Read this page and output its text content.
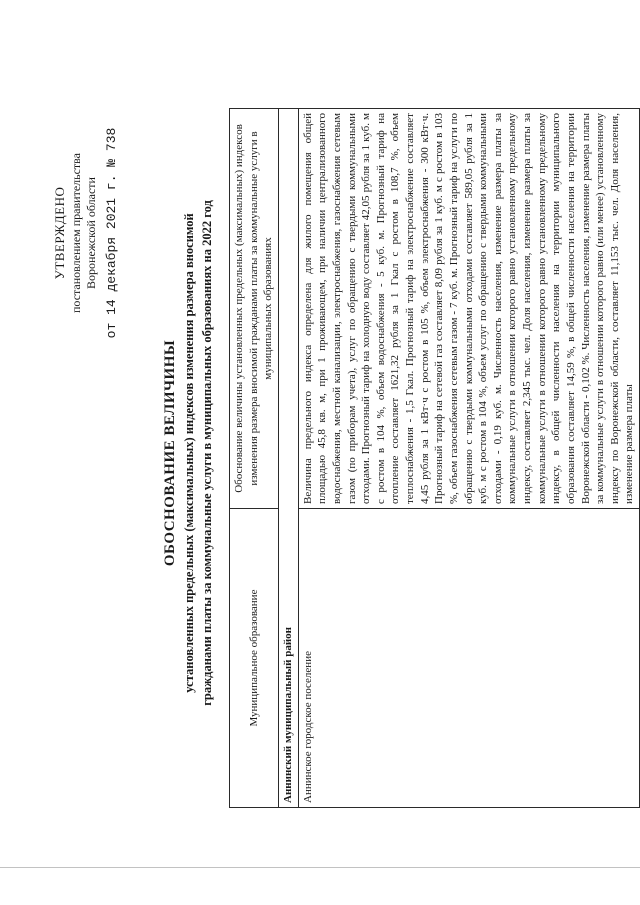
УТВЕРЖДЕНО постановлением правительства Воронежской области от 14 декабря 2021 г. № 738
ОБОСНОВАНИЕ ВЕЛИЧИНЫ установленных предельных (максимальных) индексов изменения размера вносимой гражданами платы за коммунальные услуги в муниципальных образованиях на 2022 год	Муниципальное образование	Обоснование величины установленных предельных (максимальных) индексов изменения размера вносимой гражданами платы за коммунальные услуги в муниципальных образованиях
Аннинский муниципальный район	
Аннинское городское поселение	Величина предельного индекса определена для жилого помещения общей площадью 45,8 кв. м, при 1 проживающем, при наличии централизованного водоснабжения, местной канализации, электроснабжения, газоснабжения сетевым газом (по приборам учета), услуг по обращению с твердыми коммунальными отходами. Прогнозный тариф на холодную воду составляет 42,05 рубля за 1 куб. м с ростом в 104 %, объем водоснабжения - 5 куб. м. Прогнозный тариф на отопление составляет 1621,32 рубля за 1 Гкал с ростом в 108,7 %, объем теплоснабжения - 1,5 Гкал. Прогнозный тариф на электроснабжение составляет 4,45 рубля за 1 кВт·ч с ростом в 105 %, объем электроснабжения - 300 кВт·ч. Прогнозный тариф на сетевой газ составляет 8,09 рубля за 1 куб. м с ростом в 103 %, объем газоснабжения сетевым газом - 7 куб. м. Прогнозный тариф на услуги по обращению с твердыми коммунальными отходами составляет 589,05 рубля за 1 куб. м с ростом в 104 %, объем услуг по обращению с твердыми коммунальными отходами - 0,19 куб. м. Численность населения, изменение размера платы за коммунальные услуги в отношении которого равно установленному предельному индексу, составляет 2,345 тыс. чел. Доля населения, изменение размера платы за коммунальные услуги в отношении которого равно установленному предельному индексу, в общей численности населения на территории муниципального образования составляет 14,59 %, в общей численности населения на территории Воронежской области - 0,102 %. Численность населения, изменение размера платы за коммунальные услуги в отношении которого равно (или менее) установленному индексу по Воронежской области, составляет 11,153 тыс. чел. Доля населения, изменение размера платы
